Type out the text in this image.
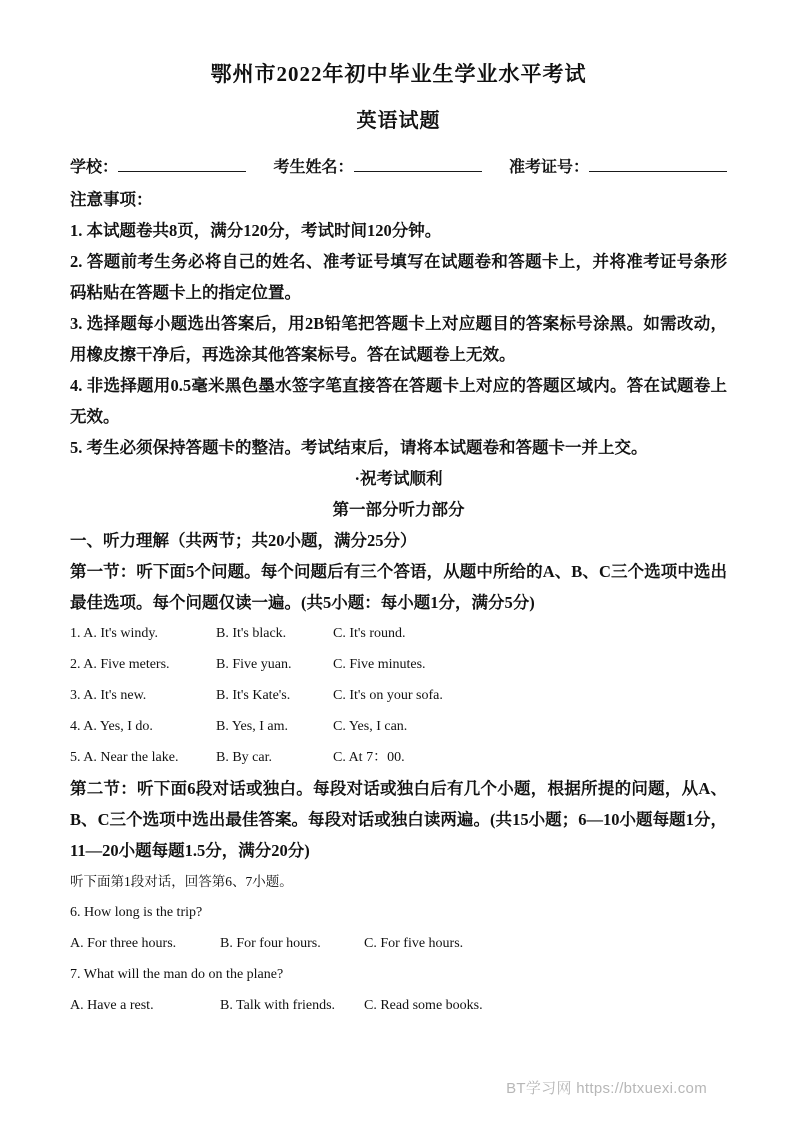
鄂州市2022年初中毕业生学业水平考试
英语试题
学校：	考生姓名：	准考证号：

注意事项：

1. 本试题卷共8页，满分120分，考试时间120分钟。

2. 答题前考生务必将自己的姓名、准考证号填写在试题卷和答题卡上，并将准考证号条形码粘贴在答题卡上的指定位置。

3. 选择题每小题选出答案后，用2B铅笔把答题卡上对应题目的答案标号涂黑。如需改动，用橡皮擦干净后，再选涂其他答案标号。答在试题卷上无效。

4. 非选择题用0.5毫米黑色墨水签字笔直接答在答题卡上对应的答题区域内。答在试题卷上无效。

5. 考生必须保持答题卡的整洁。考试结束后，请将本试题卷和答题卡一并上交。

·祝考试顺利

第一部分听力部分

一、听力理解（共两节；共20小题，满分25分）

第一节：听下面5个问题。每个问题后有三个答语，从题中所给的A、B、C三个选项中选出最佳选项。每个问题仅读一遍。(共5小题：每小题1分，满分5分)

1. A. It's windy.	B. It's black.	C. It's round.
2. A. Five meters.	B. Five yuan.	C. Five minutes.
3. A. It's new.	B. It's Kate's.	C. It's on your sofa.
4. A. Yes, I do.	B. Yes, I am.	C. Yes, I can.
5. A. Near the lake.	B. By car.	C. At 7：00.

第二节：听下面6段对话或独白。每段对话或独白后有几个小题，根据所提的问题，从A、B、C三个选项中选出最佳答案。每段对话或独白读两遍。(共15小题；6—10小题每题1分，11—20小题每题1.5分，满分20分)

听下面第1段对话，回答第6、7小题。

6. How long is the trip?

A. For three hours.	B. For four hours.	C. For five hours.

7. What will the man do on the plane?

A. Have a rest.	B. Talk with friends.	C. Read some books.
BT学习网 https://btxuexi.com
